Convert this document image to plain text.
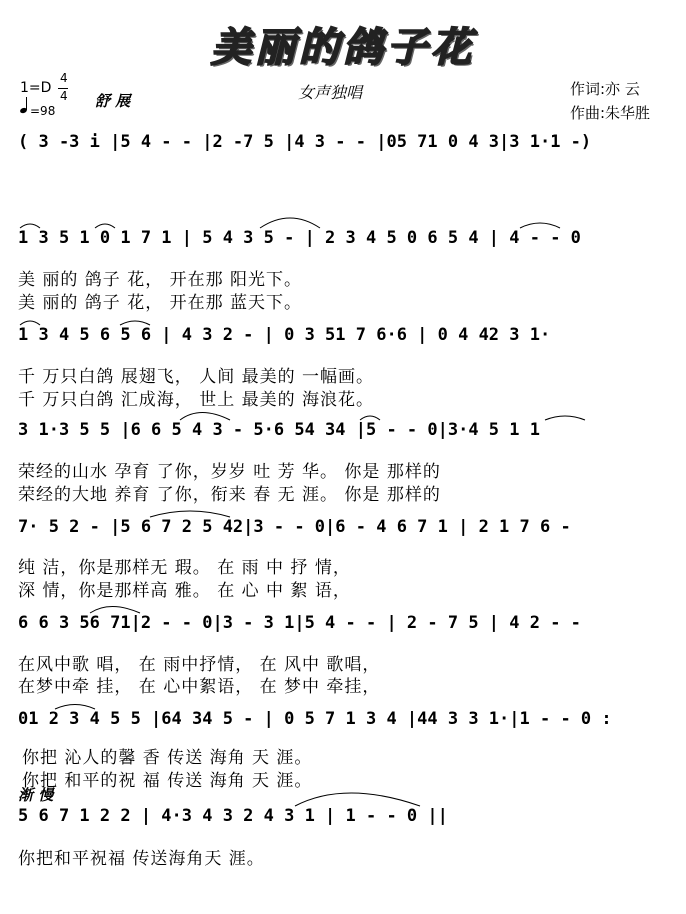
美丽的鸽子花
1=D
4
4
=98
舒 展	女声独唱	作词:亦 云
作曲:朱华胜
( 3 -3 i |5 4 - - |2 -7 5 |4 3 - - |05 71 0 4 3|3 1·1 -)
1 3 5 1 0 1 7 1 | 5 4 3 5 - | 2 3 4 5 0 6 5 4 | 4 - - 0
美 丽的 鸽子 花， 开在那 阳光下。
美 丽的 鸽子 花， 开在那 蓝天下。
1 3 4 5 6 5 6 | 4 3 2 - | 0 3 51 7 6·6 | 0 4 42 3 1·
千 万只白鸽 展翅飞， 人间 最美的 一幅画。
千 万只白鸽 汇成海， 世上 最美的 海浪花。
3 1·3 5 5 |6 6 5 4 3 - 5·6 54 34 |5 - - 0|3·4 5 1 1
荣经的山水 孕育 了你，岁岁 吐 芳 华。 你是 那样的
荣经的大地 养育 了你，衔来 春 无 涯。 你是 那样的
7· 5 2 - |5 6 7 2 5 42|3 - - 0|6 - 4 6 7 1 | 2 1 7 6 -
纯 洁，你是那样无 瑕。 在 雨 中 抒 情，
深 情，你是那样高 雅。 在 心 中 絮 语，
6 6 3 56 71|2 - - 0|3 - 3 1|5 4 - - | 2 - 7 5 | 4 2 - -
在风中歌 唱， 在 雨中抒情， 在 风中 歌唱，
在梦中牵 挂， 在 心中絮语， 在 梦中 牵挂，
01 2 3 4 5 5 |64 34 5 - | 0 5 7 1 3 4 |44 3 3 1·|1 - - 0 :
你把 沁人的馨 香 传送 海角 天 涯。
你把 和平的祝 福 传送 海角 天 涯。
渐 慢
5 6 7 1 2 2 | 4·3 4 3 2 4 3 1 | 1 - - 0 ||
你把和平祝福 传送海角天 涯。
